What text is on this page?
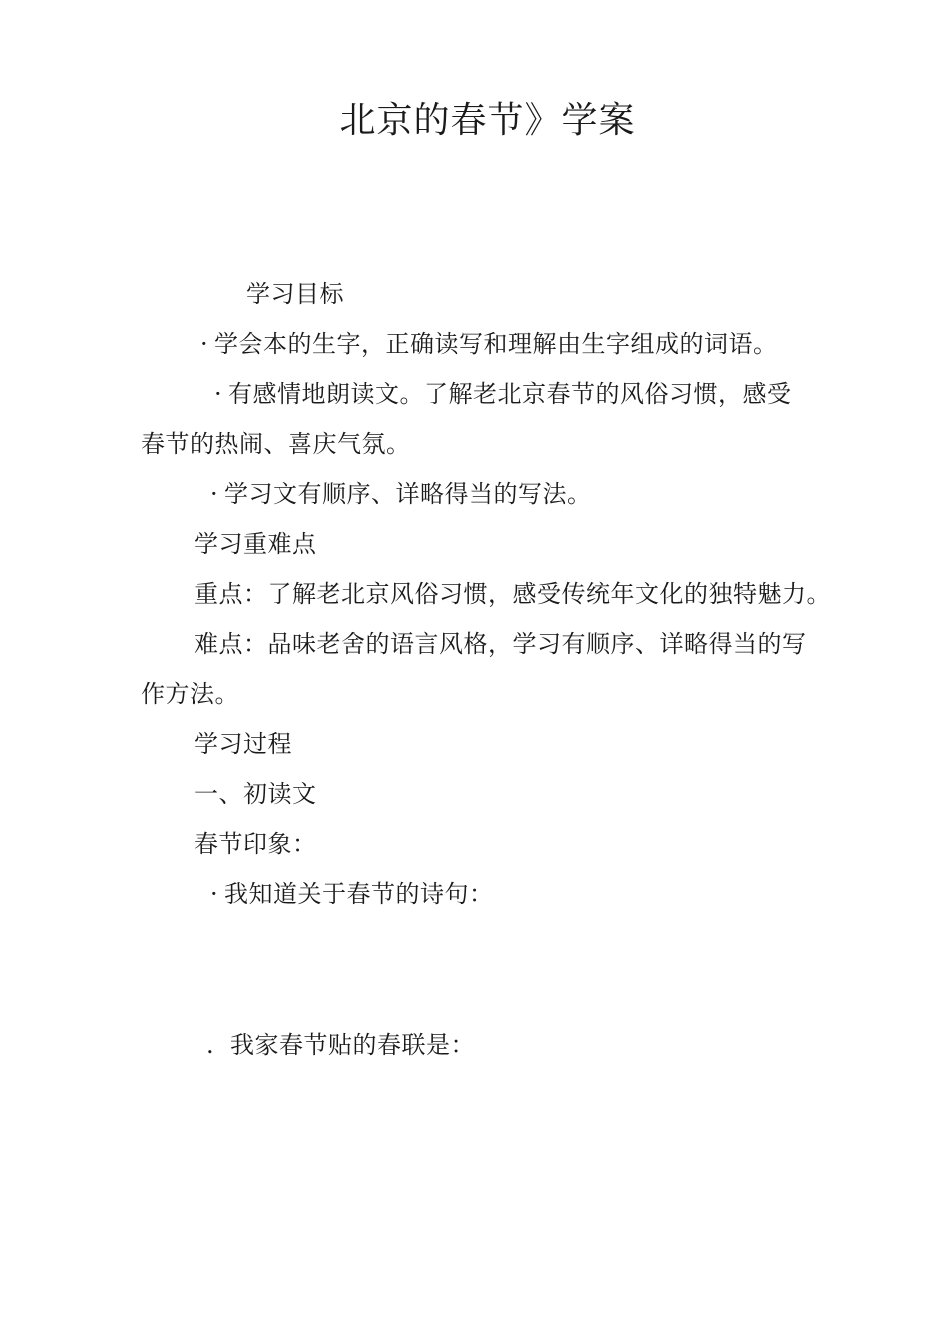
北京的春节》学案
学习目标
· 学会本的生字，正确读写和理解由生字组成的词语。
· 有感情地朗读文。了解老北京春节的风俗习惯，感受
春节的热闹、喜庆气氛。
· 学习文有顺序、详略得当的写法。
学习重难点
重点：了解老北京风俗习惯，感受传统年文化的独特魅力。
难点：品味老舍的语言风格，学习有顺序、详略得当的写
作方法。
学习过程
一、初读文
春节印象：
· 我知道关于春节的诗句：
. 我家春节贴的春联是：
